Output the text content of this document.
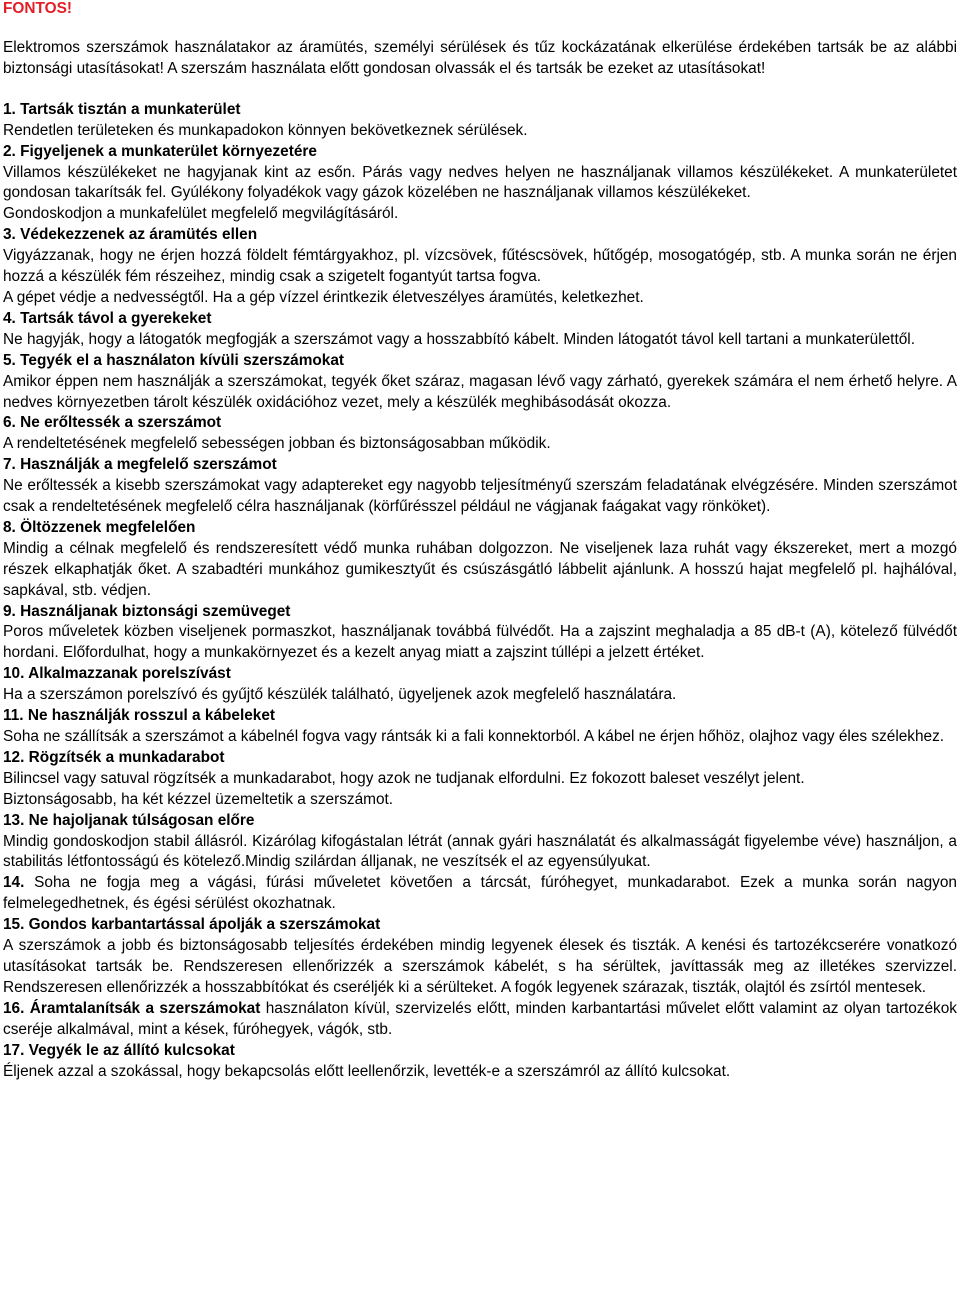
FONTOS!

Elektromos szerszámok használatakor az áramütés, személyi sérülések és tűz kockázatának elkerülése érdekében tartsák be az alábbi biztonsági utasításokat! A szerszám használata előtt gondosan olvassák el és tartsák be ezeket az utasításokat!

1. Tartsák tisztán a munkaterület

Rendetlen területeken és munkapadokon könnyen bekövetkeznek sérülések.

2. Figyeljenek a munkaterület környezetére

Villamos készülékeket ne hagyjanak kint az esőn. Párás vagy nedves helyen ne használjanak villamos készülékeket. A munkaterületet gondosan takarítsák fel. Gyúlékony folyadékok vagy gázok közelében ne használjanak villamos készülékeket.

Gondoskodjon a munkafelület megfelelő megvilágításáról.

3. Védekezzenek az áramütés ellen

Vigyázzanak, hogy ne érjen hozzá földelt fémtárgyakhoz, pl. vízcsövek, fűtéscsövek, hűtőgép, mosogatógép, stb. A munka során ne érjen hozzá a készülék fém részeihez, mindig csak a szigetelt fogantyút tartsa fogva.

A gépet védje a nedvességtől. Ha a gép vízzel érintkezik életveszélyes áramütés, keletkezhet.

4. Tartsák távol a gyerekeket

Ne hagyják, hogy a látogatók megfogják a szerszámot vagy a hosszabbító kábelt. Minden látogatót távol kell tartani a munkaterülettől.

5. Tegyék el a használaton kívüli szerszámokat

Amikor éppen nem használják a szerszámokat, tegyék őket száraz, magasan lévő vagy zárható, gyerekek számára el nem érhető helyre. A nedves környezetben tárolt készülék oxidációhoz vezet, mely a készülék meghibásodását okozza.

6. Ne erőltessék a szerszámot

A rendeltetésének megfelelő sebességen jobban és biztonságosabban működik.

7. Használják a megfelelő szerszámot

Ne erőltessék a kisebb szerszámokat vagy adaptereket egy nagyobb teljesítményű szerszám feladatának elvégzésére. Minden szerszámot csak a rendeltetésének megfelelő célra használjanak (körfűrésszel például ne vágjanak faágakat vagy rönköket).

8. Öltözzenek megfelelően

Mindig a célnak megfelelő és rendszeresített védő munka ruhában dolgozzon. Ne viseljenek laza ruhát vagy ékszereket, mert a mozgó részek elkaphatják őket. A szabadtéri munkához gumikesztyűt és csúszásgátló lábbelit ajánlunk. A hosszú hajat megfelelő pl. hajhálóval, sapkával, stb. védjen.

9. Használjanak biztonsági szemüveget

Poros műveletek közben viseljenek pormaszkot, használjanak továbbá fülvédőt. Ha a zajszint meghaladja a 85 dB-t (A), kötelező fülvédőt hordani. Előfordulhat, hogy a munkakörnyezet és a kezelt anyag miatt a zajszint túllépi a jelzett értéket.

10. Alkalmazzanak porelszívást

Ha a szerszámon porelszívó és gyűjtő készülék található, ügyeljenek azok megfelelő használatára.

11. Ne használják rosszul a kábeleket

Soha ne szállítsák a szerszámot a kábelnél fogva vagy rántsák ki a fali konnektorból. A kábel ne érjen hőhöz, olajhoz vagy éles szélekhez.

12. Rögzítsék a munkadarabot

Bilincsel vagy satuval rögzítsék a munkadarabot, hogy azok ne tudjanak elfordulni. Ez fokozott baleset veszélyt jelent.

Biztonságosabb, ha két kézzel üzemeltetik a szerszámot.

13. Ne hajoljanak túlságosan előre

Mindig gondoskodjon stabil állásról. Kizárólag kifogástalan létrát (annak gyári használatát és alkalmasságát figyelembe véve) használjon, a stabilitás létfontosságú és kötelező.Mindig szilárdan álljanak, ne veszítsék el az egyensúlyukat.

14. Soha ne fogja meg a vágási, fúrási műveletet követően a tárcsát, fúróhegyet, munkadarabot. Ezek a munka során nagyon felmelegedhetnek, és égési sérülést okozhatnak.

15. Gondos karbantartással ápolják a szerszámokat

A szerszámok a jobb és biztonságosabb teljesítés érdekében mindig legyenek élesek és tiszták. A kenési és tartozékcserére vonatkozó utasításokat tartsák be. Rendszeresen ellenőrizzék a szerszámok kábelét, s ha sérültek, javíttassák meg az illetékes szervizzel. Rendszeresen ellenőrizzék a hosszabbítókat és cseréljék ki a sérülteket. A fogók legyenek szárazak, tiszták, olajtól és zsírtól mentesek.

16. Áramtalanítsák a szerszámokat használaton kívül, szervizelés előtt, minden karbantartási művelet előtt valamint az olyan tartozékok cseréje alkalmával, mint a kések, fúróhegyek, vágók, stb.

17. Vegyék le az állító kulcsokat

Éljenek azzal a szokással, hogy bekapcsolás előtt leellenőrzik, levették-e a szerszámról az állító kulcsokat.
